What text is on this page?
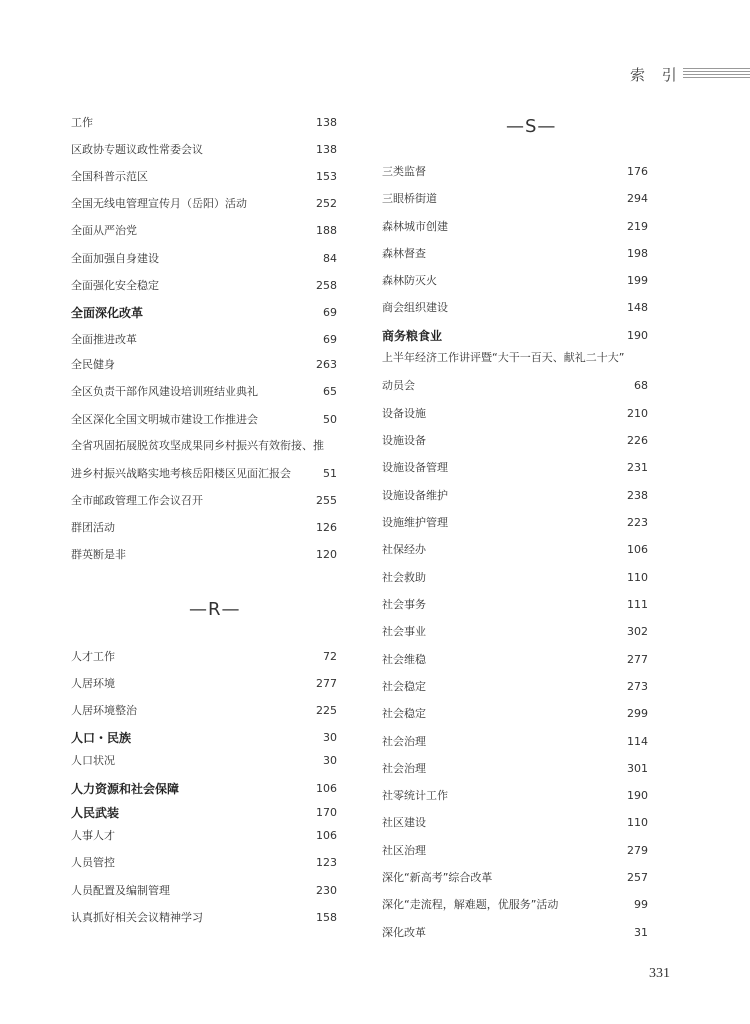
索 引
工作	138
区政协专题议政性常委会议	138
全国科普示范区	153
全国无线电管理宣传月（岳阳）活动	252
全面从严治党	188
全面加强自身建设	84
全面强化安全稳定	258
全面深化改革	69
全面推进改革	69
全民健身	263
全区负责干部作风建设培训班结业典礼	65
全区深化全国文明城市建设工作推进会	50
全省巩固拓展脱贫攻坚成果同乡村振兴有效衔接、推
进乡村振兴战略实地考核岳阳楼区见面汇报会	51
全市邮政管理工作会议召开	255
群团活动	126
群英断是非	120
—R—
人才工作	72
人居环境	277
人居环境整治	225
人口・民族	30
人口状况	30
人力资源和社会保障	106
人民武装	170
人事人才	106
人员管控	123
人员配置及编制管理	230
认真抓好相关会议精神学习	158
—S—
三类监督	176
三眼桥街道	294
森林城市创建	219
森林督查	198
森林防灭火	199
商会组织建设	148
商务粮食业	190
上半年经济工作讲评暨“大干一百天、献礼二十大”
动员会	68
设备设施	210
设施设备	226
设施设备管理	231
设施设备维护	238
设施维护管理	223
社保经办	106
社会救助	110
社会事务	111
社会事业	302
社会维稳	277
社会稳定	273
社会稳定	299
社会治理	114
社会治理	301
社零统计工作	190
社区建设	110
社区治理	279
深化“新高考”综合改革	257
深化“走流程，解难题，优服务”活动	99
深化改革	31
331
